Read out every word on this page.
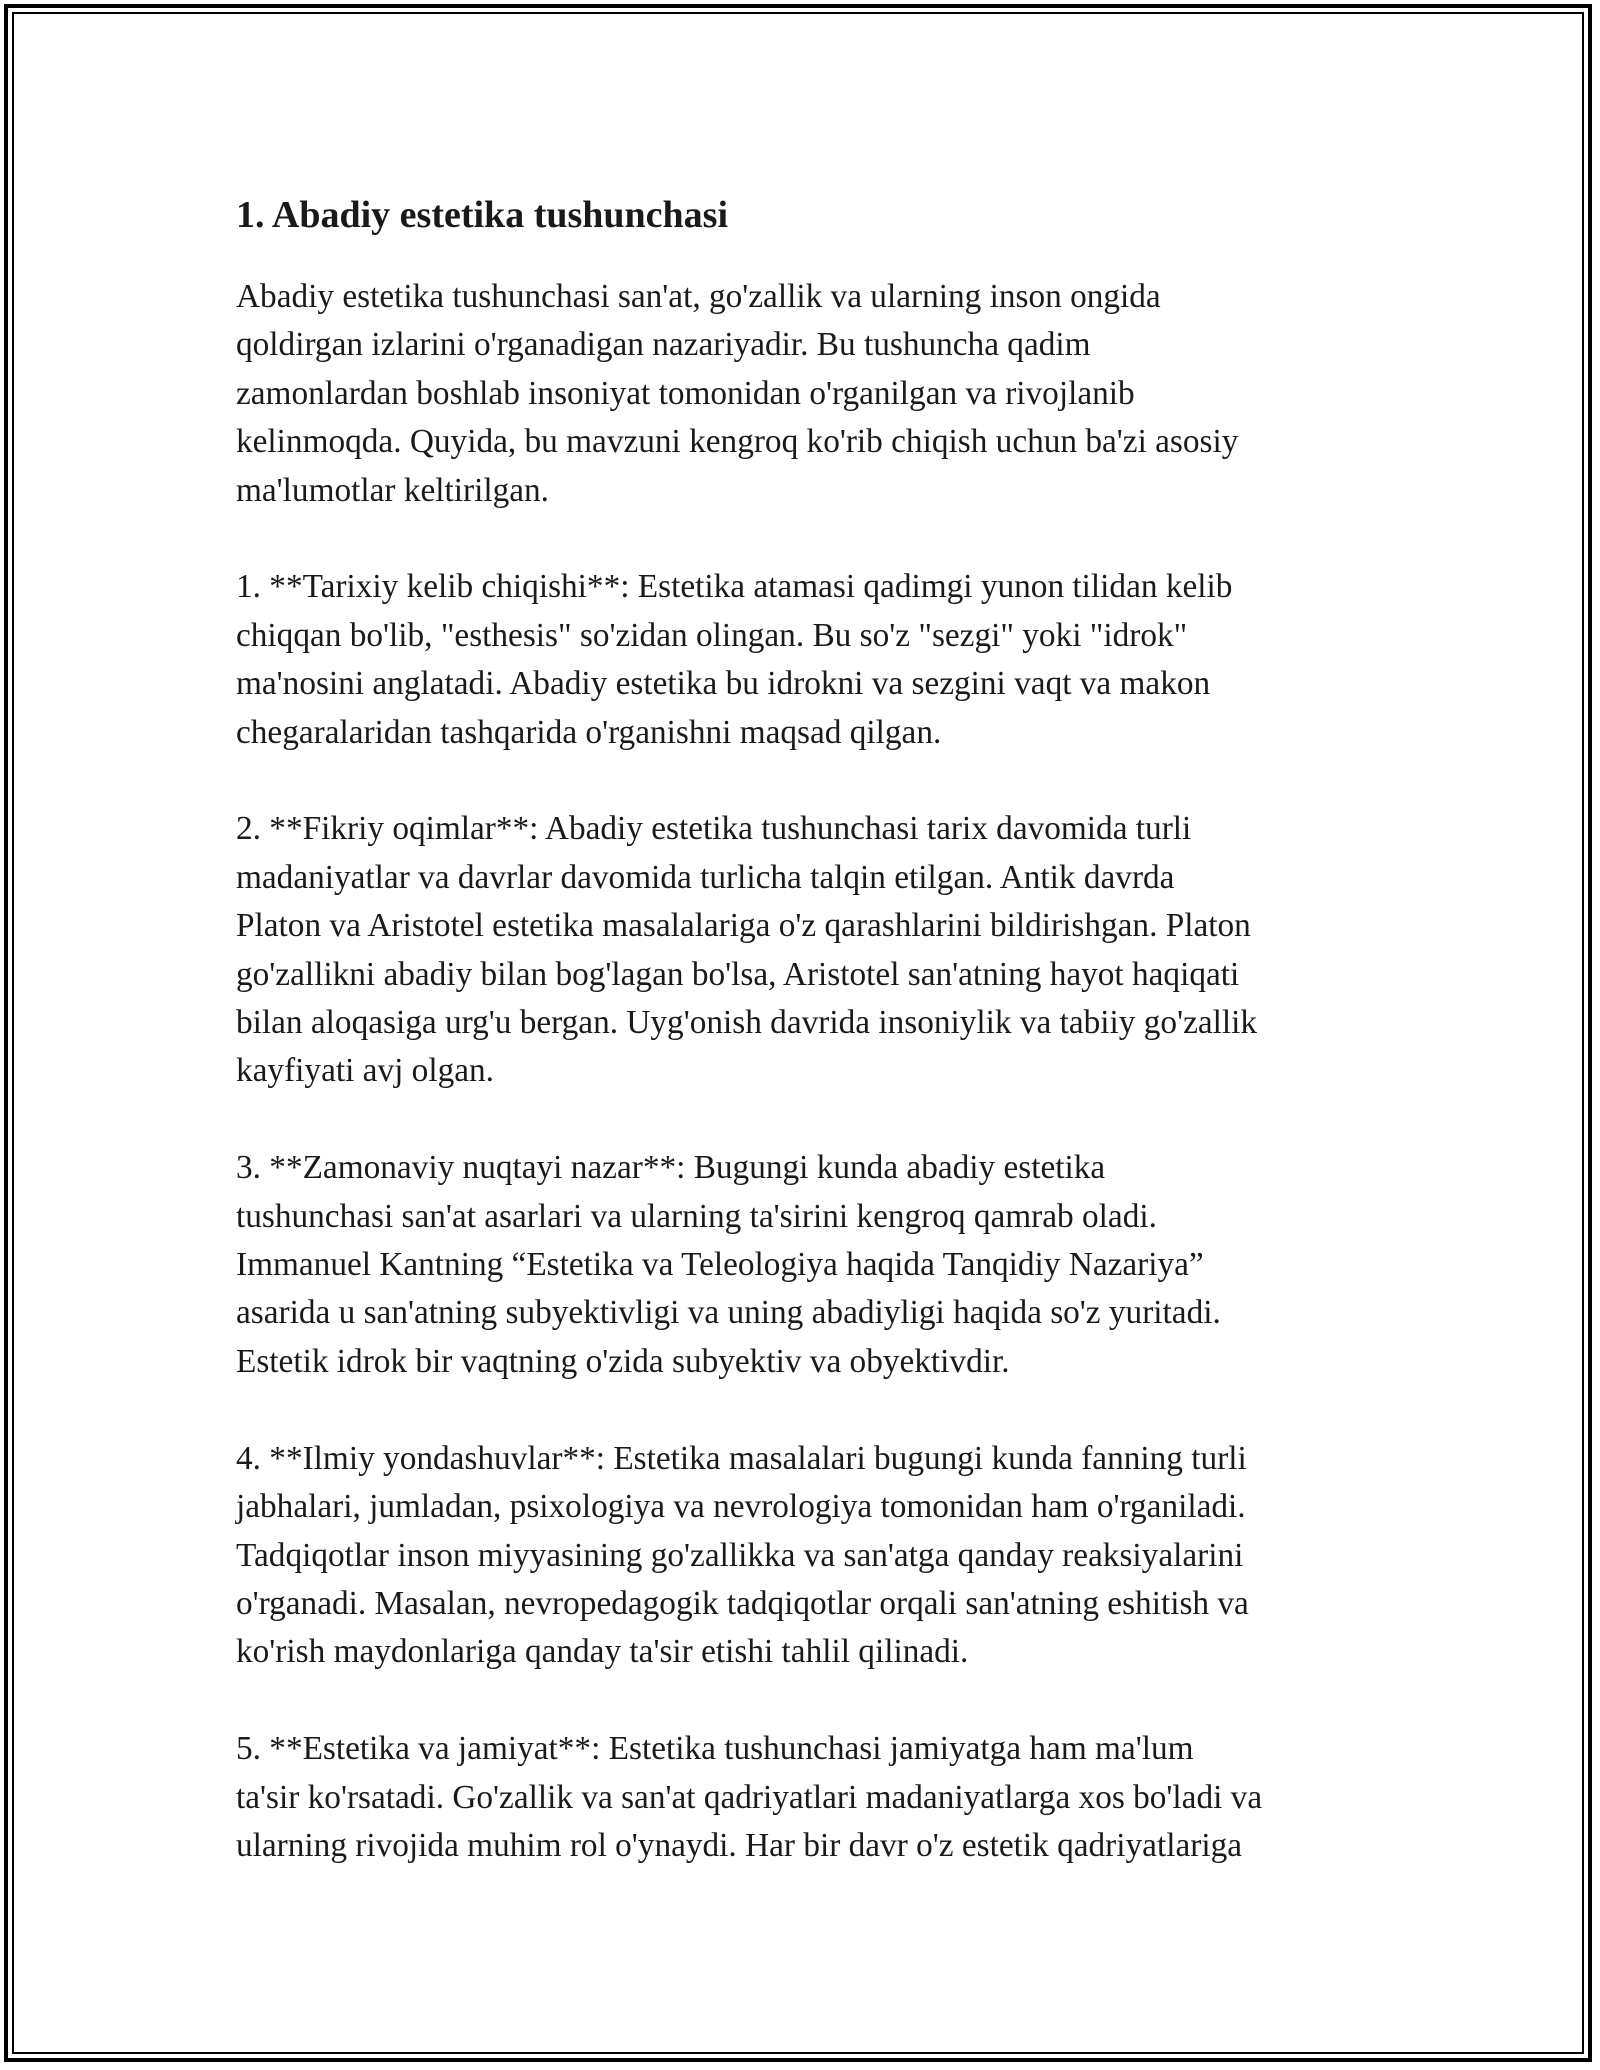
1. Abadiy estetika tushunchasi

Abadiy estetika tushunchasi san'at, go'zallik va ularning inson ongida
qoldirgan izlarini o'rganadigan nazariyadir. Bu tushuncha qadim
zamonlardan boshlab insoniyat tomonidan o'rganilgan va rivojlanib
kelinmoqda. Quyida, bu mavzuni kengroq ko'rib chiqish uchun ba'zi asosiy
ma'lumotlar keltirilgan.

1. **Tarixiy kelib chiqishi**: Estetika atamasi qadimgi yunon tilidan kelib
chiqqan bo'lib, "esthesis" so'zidan olingan. Bu so'z "sezgi" yoki "idrok"
ma'nosini anglatadi. Abadiy estetika bu idrokni va sezgini vaqt va makon
chegaralaridan tashqarida o'rganishni maqsad qilgan.

2. **Fikriy oqimlar**: Abadiy estetika tushunchasi tarix davomida turli
madaniyatlar va davrlar davomida turlicha talqin etilgan. Antik davrda
Platon va Aristotel estetika masalalariga o'z qarashlarini bildirishgan. Platon
go'zallikni abadiy bilan bog'lagan bo'lsa, Aristotel san'atning hayot haqiqati
bilan aloqasiga urg'u bergan. Uyg'onish davrida insoniylik va tabiiy go'zallik
kayfiyati avj olgan.

3. **Zamonaviy nuqtayi nazar**: Bugungi kunda abadiy estetika
tushunchasi san'at asarlari va ularning ta'sirini kengroq qamrab oladi.
Immanuel Kantning “Estetika va Teleologiya haqida Tanqidiy Nazariya”
asarida u san'atning subyektivligi va uning abadiyligi haqida so'z yuritadi.
Estetik idrok bir vaqtning o'zida subyektiv va obyektivdir.

4. **Ilmiy yondashuvlar**: Estetika masalalari bugungi kunda fanning turli
jabhalari, jumladan, psixologiya va nevrologiya tomonidan ham o'rganiladi.
Tadqiqotlar inson miyyasining go'zallikka va san'atga qanday reaksiyalarini
o'rganadi. Masalan, nevropedagogik tadqiqotlar orqali san'atning eshitish va
ko'rish maydonlariga qanday ta'sir etishi tahlil qilinadi.

5. **Estetika va jamiyat**: Estetika tushunchasi jamiyatga ham ma'lum
ta'sir ko'rsatadi. Go'zallik va san'at qadriyatlari madaniyatlarga xos bo'ladi va
ularning rivojida muhim rol o'ynaydi. Har bir davr o'z estetik qadriyatlariga
